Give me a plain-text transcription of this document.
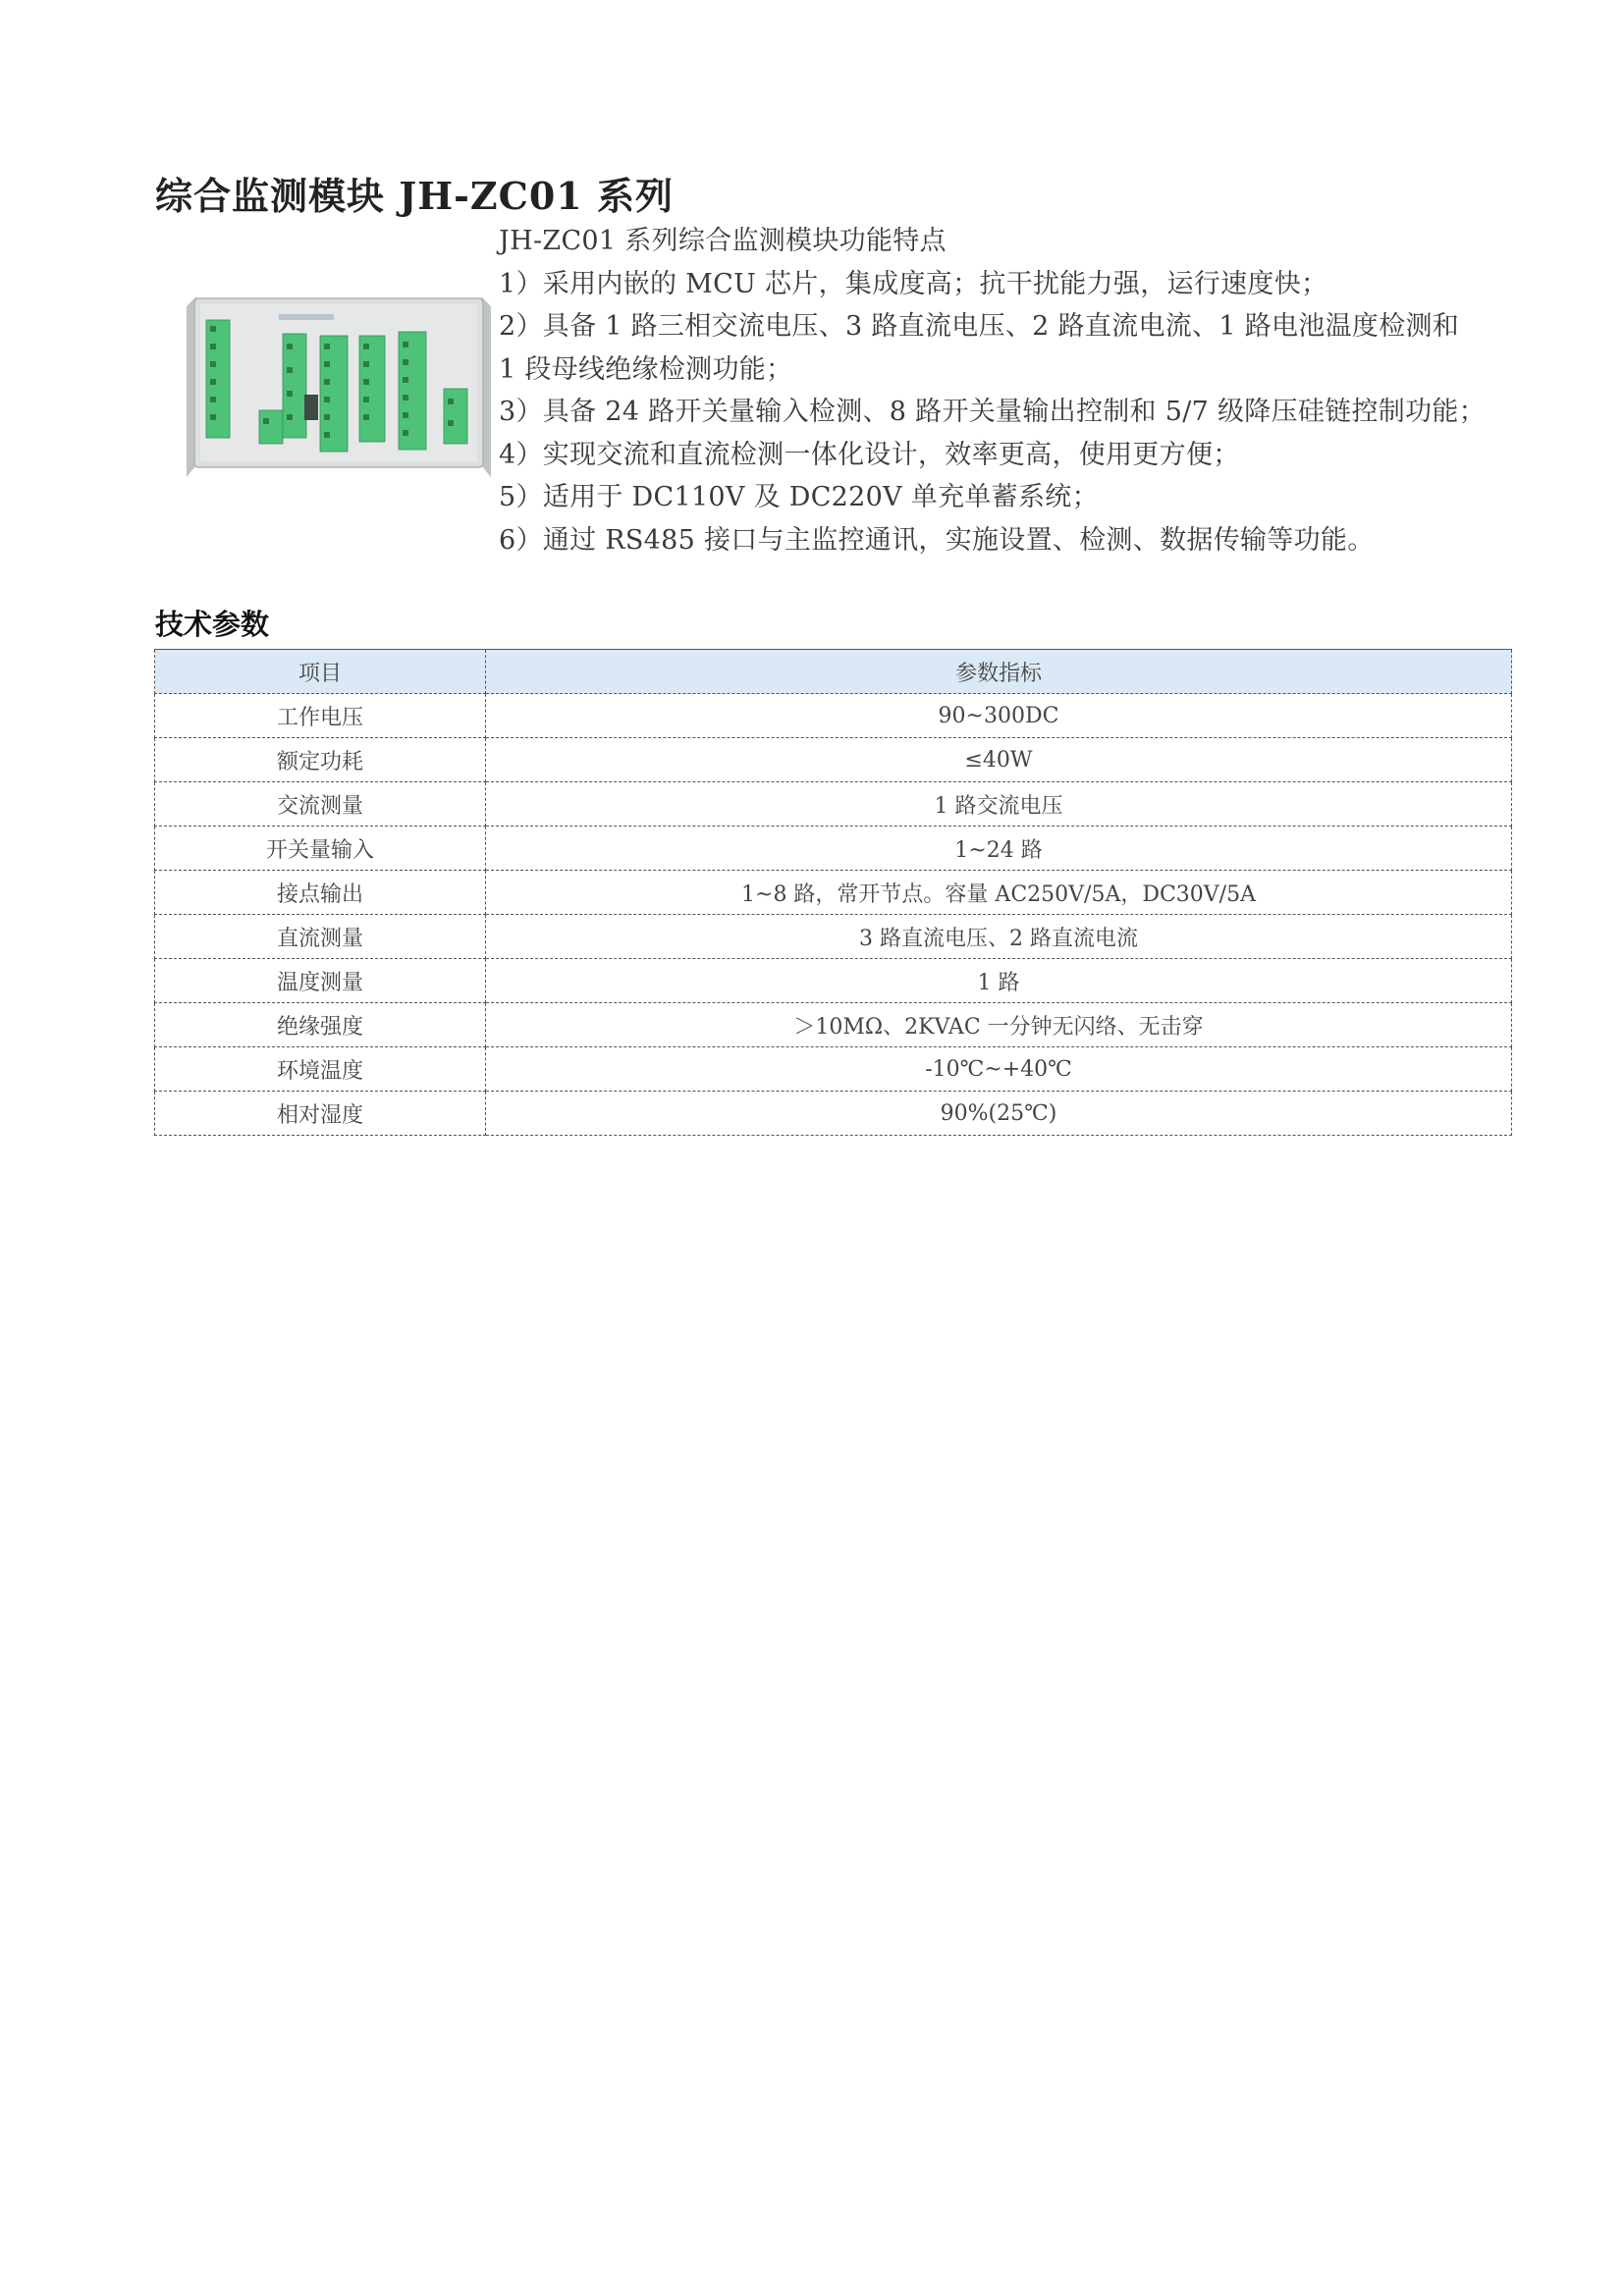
综合监测模块 JH-ZC01 系列
JH-ZC01 系列综合监测模块功能特点
1）采用内嵌的 MCU 芯片，集成度高；抗干扰能力强，运行速度快；
2）具备 1 路三相交流电压、3 路直流电压、2 路直流电流、1 路电池温度检测和
1 段母线绝缘检测功能；
3）具备 24 路开关量输入检测、8 路开关量输出控制和 5/7 级降压硅链控制功能；
4）实现交流和直流检测一体化设计，效率更高，使用更方便；
5）适用于 DC110V 及 DC220V 单充单蓄系统；
6）通过 RS485 接口与主监控通讯，实施设置、检测、数据传输等功能。
技术参数
项目	参数指标
工作电压	90~300DC
额定功耗	≤40W
交流测量	1 路交流电压
开关量输入	1~24 路
接点输出	1~8 路，常开节点。容量 AC250V/5A，DC30V/5A
直流测量	3 路直流电压、2 路直流电流
温度测量	1 路
绝缘强度	＞10MΩ、2KVAC 一分钟无闪络、无击穿
环境温度	-10℃~+40℃
相对湿度	90%(25℃)
